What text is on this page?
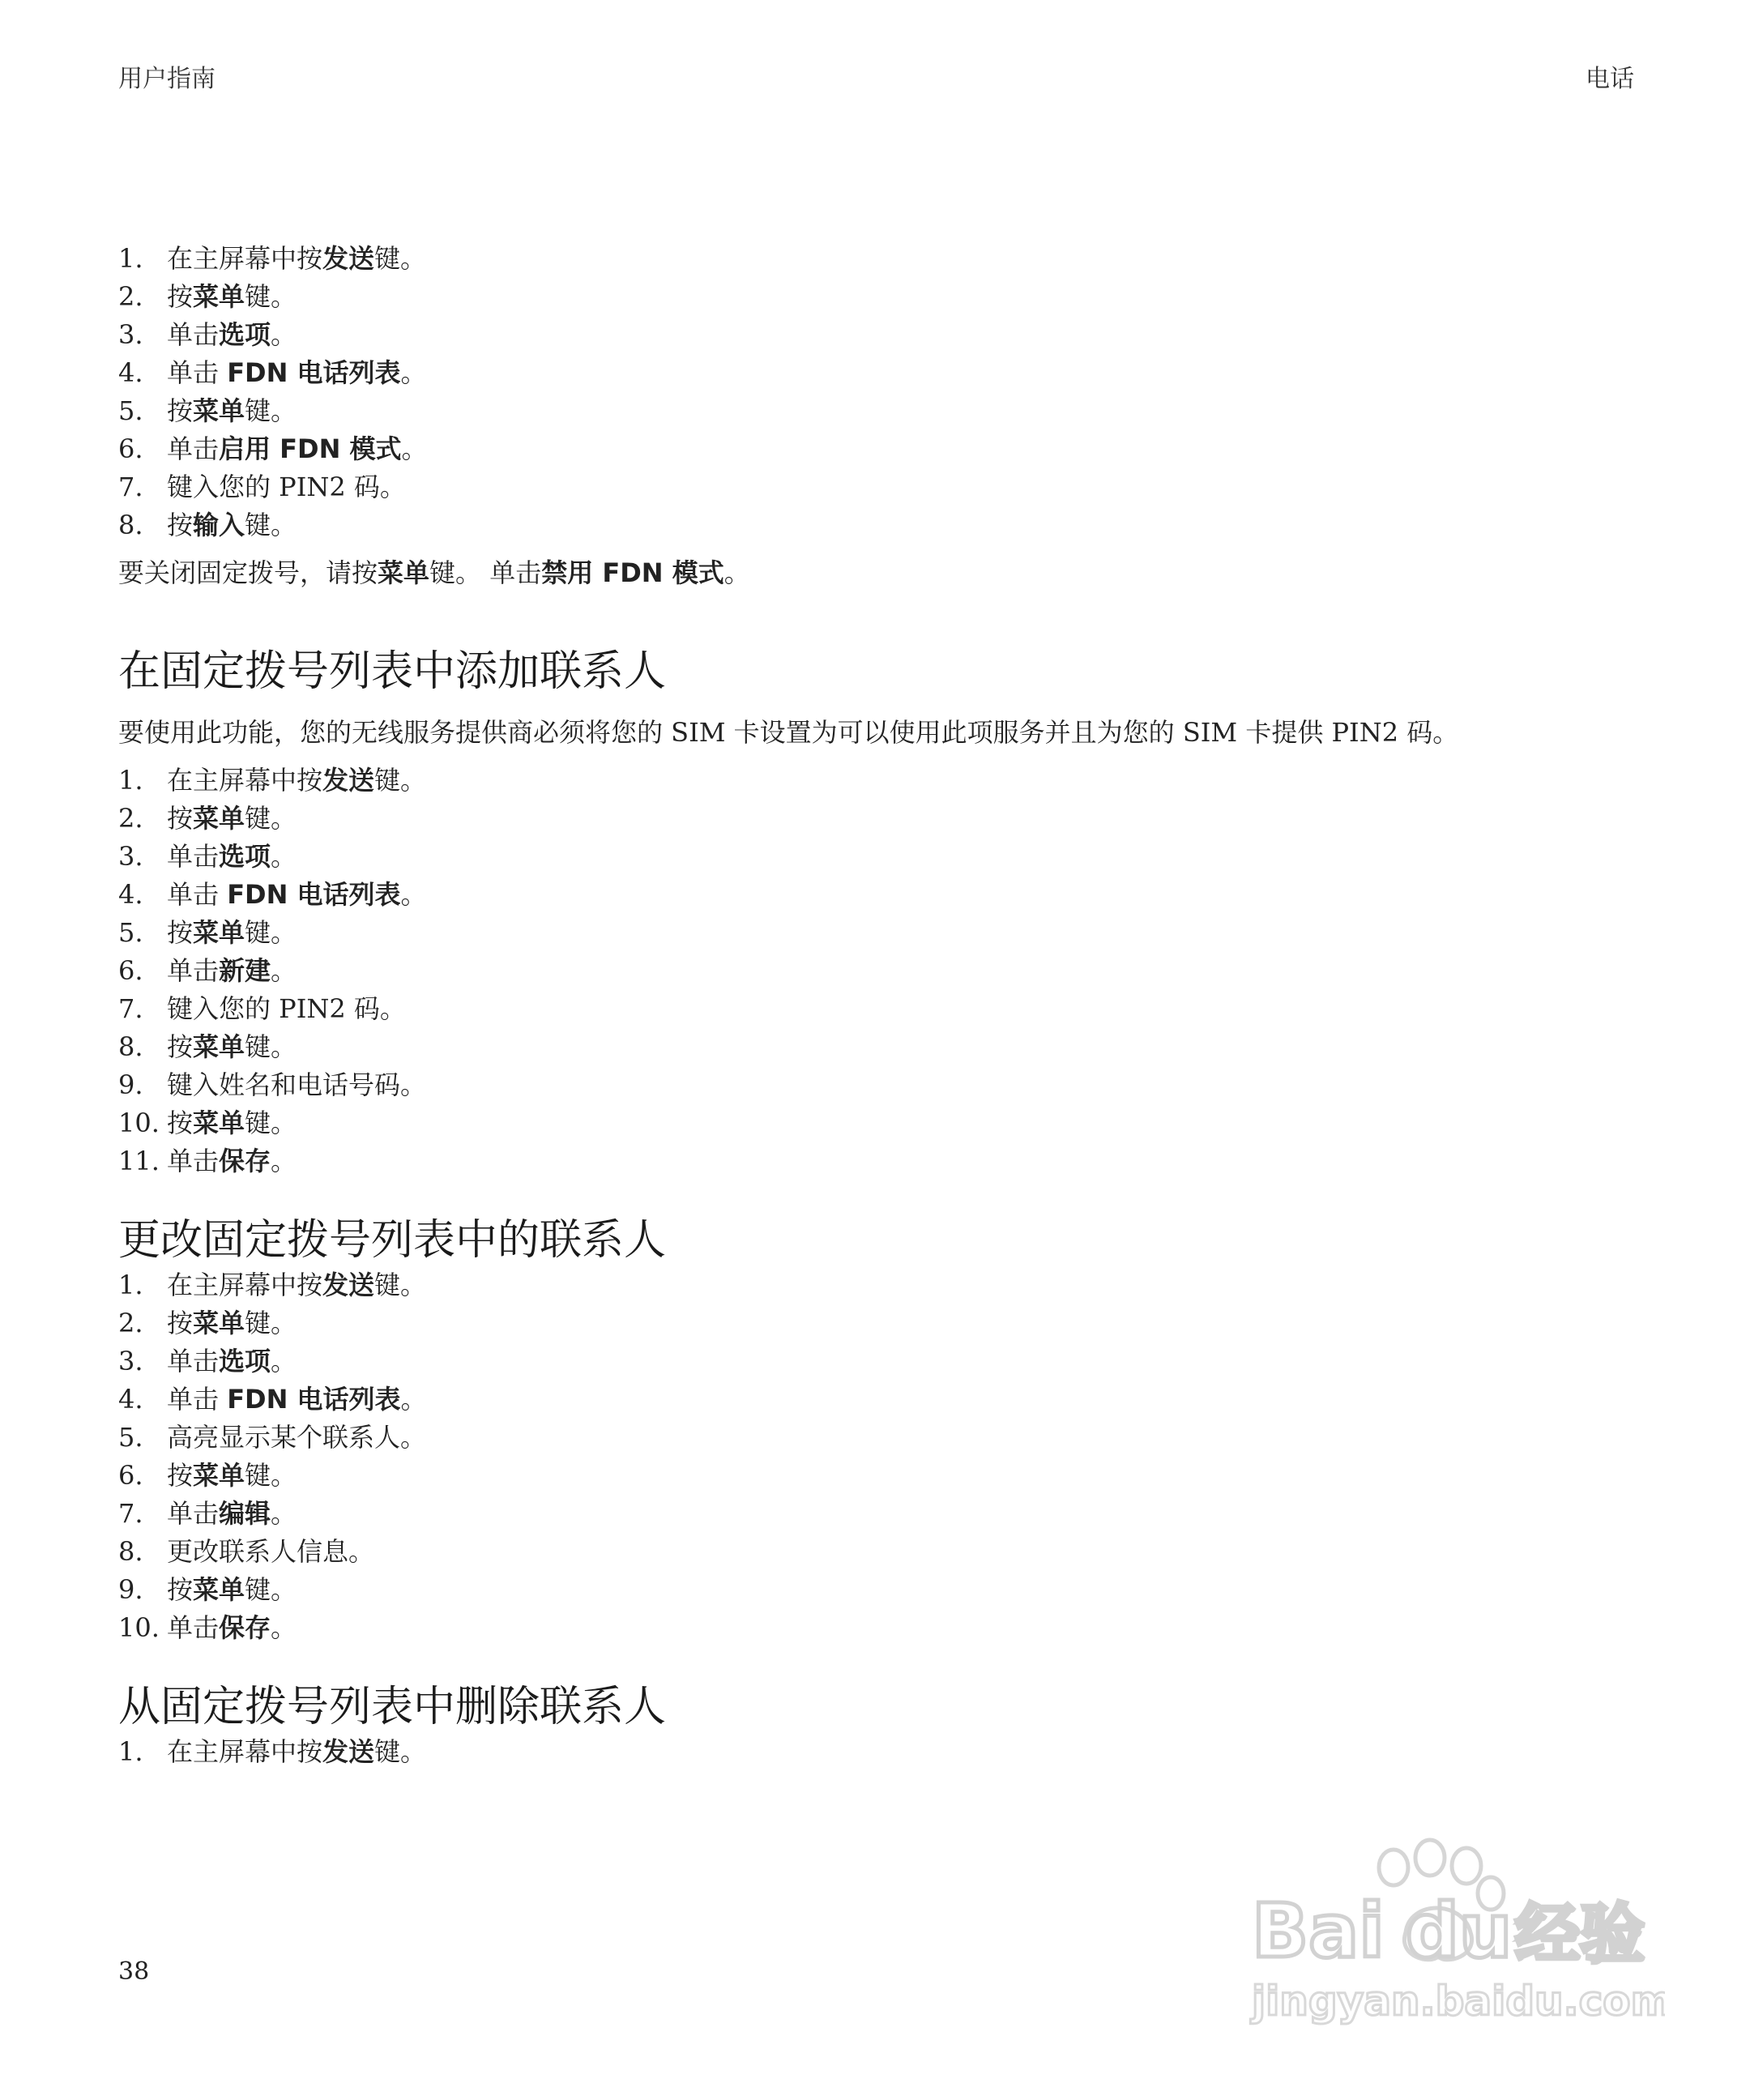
用户指南	电话
1. 在主屏幕中按发送键。
2. 按菜单键。
3. 单击选项。
4. 单击 FDN 电话列表。
5. 按菜单键。
6. 单击启用 FDN 模式。
7. 键入您的 PIN2 码。
8. 按输入键。

要关闭固定拨号，请按菜单键。 单击禁用 FDN 模式。

在固定拨号列表中添加联系人

要使用此功能，您的无线服务提供商必须将您的 SIM 卡设置为可以使用此项服务并且为您的 SIM 卡提供 PIN2 码。

1. 在主屏幕中按发送键。
2. 按菜单键。
3. 单击选项。
4. 单击 FDN 电话列表。
5. 按菜单键。
6. 单击新建。
7. 键入您的 PIN2 码。
8. 按菜单键。
9. 键入姓名和电话号码。
10. 按菜单键。
11. 单击保存。
更改固定拨号列表中的联系人
1. 在主屏幕中按发送键。
2. 按菜单键。
3. 单击选项。
4. 单击 FDN 电话列表。
5. 高亮显示某个联系人。
6. 按菜单键。
7. 单击编辑。
8. 更改联系人信息。
9. 按菜单键。
10. 单击保存。
从固定拨号列表中删除联系人
1. 在主屏幕中按发送键。
38	Bai du 经验
jingyan.baidu.com
